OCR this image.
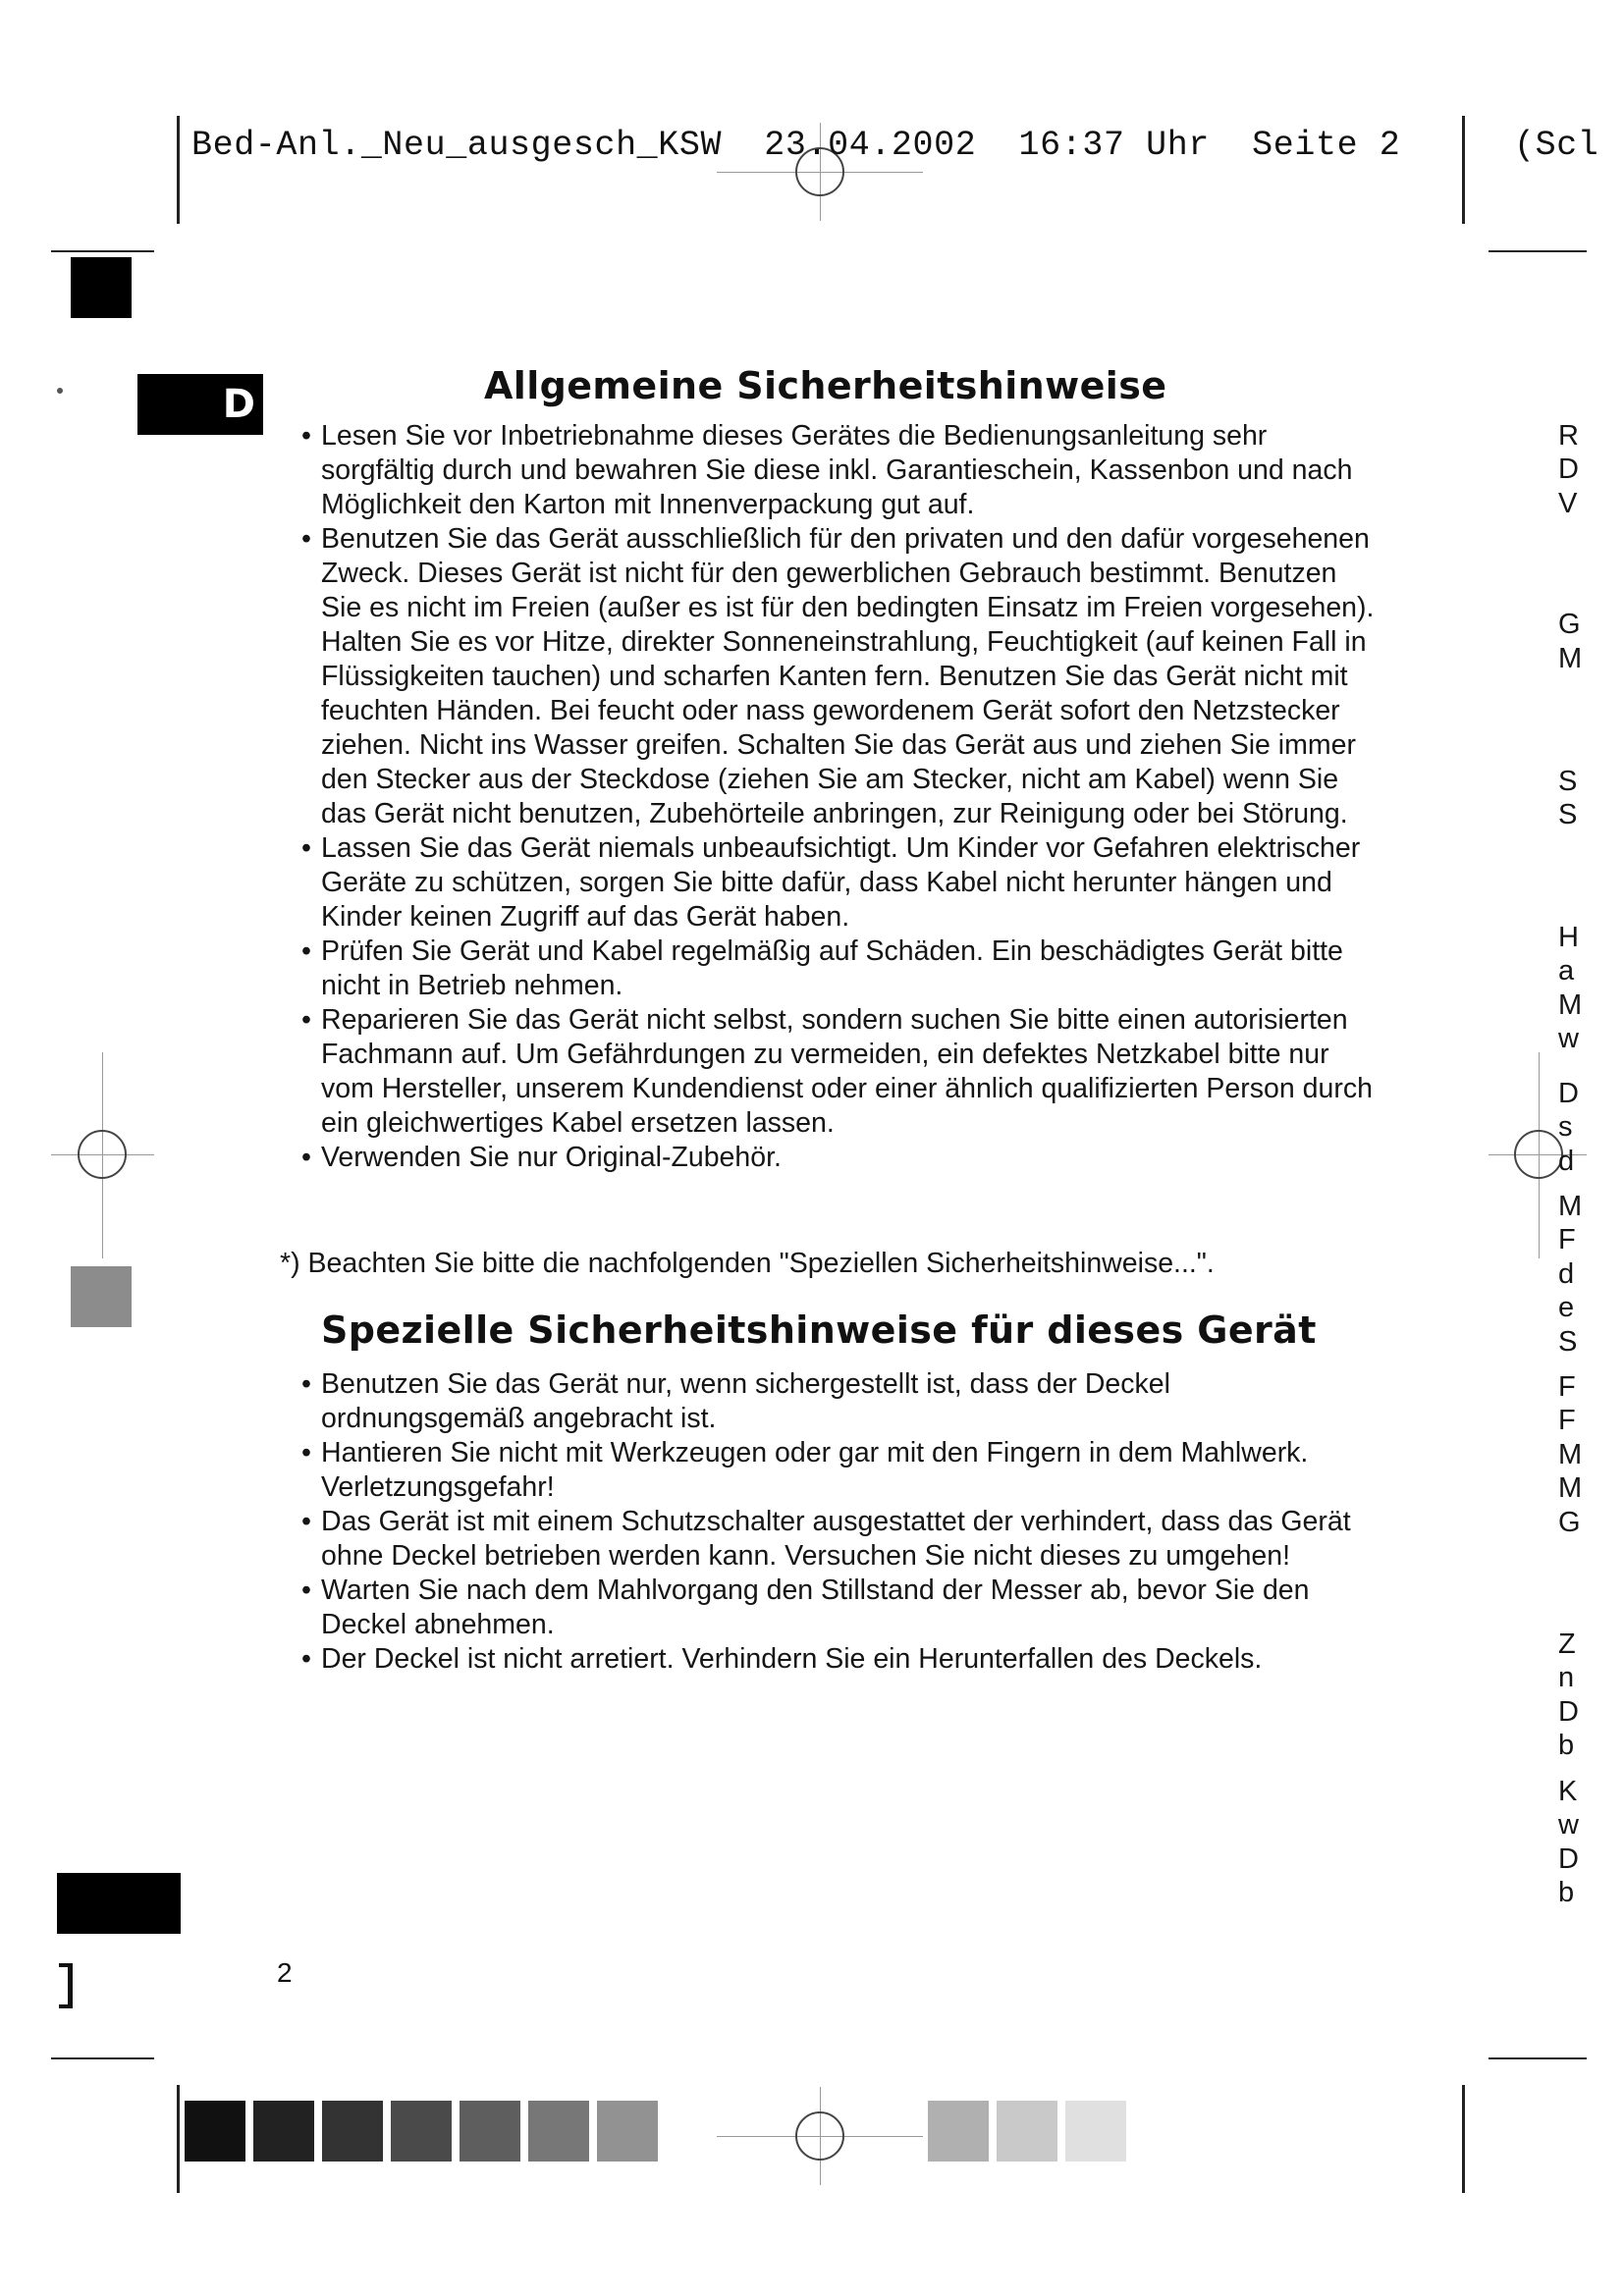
Bed-Anl._Neu_ausgesch_KSW  23.04.2002  16:37 Uhr  Seite 2	(Scl
D	Allgemeine Sicherheitshinweise
• Lesen Sie vor Inbetriebnahme dieses Gerätes die Bedienungsanleitung sehr sorgfältig durch und bewahren Sie diese inkl. Garantieschein, Kassenbon und nach Möglichkeit den Karton mit Innenverpackung gut auf.
• Benutzen Sie das Gerät ausschließlich für den privaten und den dafür vorgesehenen Zweck. Dieses Gerät ist nicht für den gewerblichen Gebrauch bestimmt. Benutzen Sie es nicht im Freien (außer es ist für den bedingten Einsatz im Freien vorgesehen). Halten Sie es vor Hitze, direkter Sonneneinstrahlung, Feuchtigkeit (auf keinen Fall in Flüssigkeiten tauchen) und scharfen Kanten fern. Benutzen Sie das Gerät nicht mit feuchten Händen. Bei feucht oder nass gewordenem Gerät sofort den Netzstecker ziehen. Nicht ins Wasser greifen. Schalten Sie das Gerät aus und ziehen Sie immer den Stecker aus der Steckdose (ziehen Sie am Stecker, nicht am Kabel) wenn Sie das Gerät nicht benutzen, Zubehörteile anbringen, zur Reinigung oder bei Störung.
• Lassen Sie das Gerät niemals unbeaufsichtigt. Um Kinder vor Gefahren elektrischer Geräte zu schützen, sorgen Sie bitte dafür, dass Kabel nicht herunter hängen und Kinder keinen Zugriff auf das Gerät haben.
• Prüfen Sie Gerät und Kabel regelmäßig auf Schäden. Ein beschädigtes Gerät bitte nicht in Betrieb nehmen.
• Reparieren Sie das Gerät nicht selbst, sondern suchen Sie bitte einen autorisierten Fachmann auf. Um Gefährdungen zu vermeiden, ein defektes Netzkabel bitte nur vom Hersteller, unserem Kundendienst oder einer ähnlich qualifizierten Person durch ein gleichwertiges Kabel ersetzen lassen.
• Verwenden Sie nur Original-Zubehör.
*) Beachten Sie bitte die nachfolgenden "Speziellen Sicherheitshinweise...".
Spezielle Sicherheitshinweise für dieses Gerät
• Benutzen Sie das Gerät nur, wenn sichergestellt ist, dass der Deckel ordnungsgemäß angebracht ist.
• Hantieren Sie nicht mit Werkzeugen oder gar mit den Fingern in dem Mahlwerk. Verletzungsgefahr!
• Das Gerät ist mit einem Schutzschalter ausgestattet der verhindert, dass das Gerät ohne Deckel betrieben werden kann. Versuchen Sie nicht dieses zu umgehen!
• Warten Sie nach dem Mahlvorgang den Stillstand der Messer ab, bevor Sie den Deckel abnehmen.
• Der Deckel ist nicht arretiert. Verhindern Sie ein Herunterfallen des Deckels.
2
R
D
V
G
M
S
S
H
a
M
w
D
s
d
M
F
d
e
S
F
F
M
M
G
Z
n
D
b
K
w
D
b
